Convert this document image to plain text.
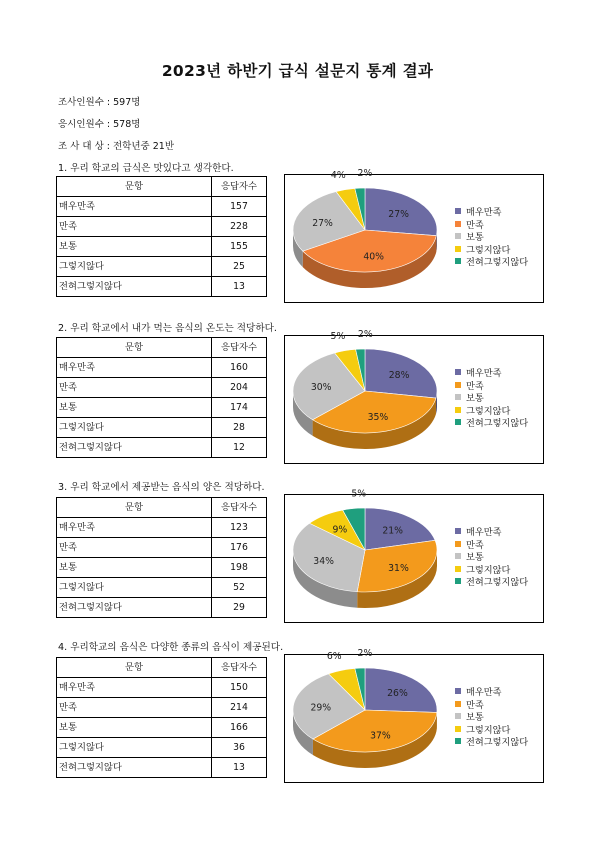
2023년 하반기 급식 설문지 통계 결과
조사인원수 : 597명
응시인원수 : 578명
조 사 대 상 : 전학년중 21반
1. 우리 학교의 급식은 맛있다고 생각한다.
문항	응답자수
매우만족	157
만족	228
보통	155
그렇지않다	25
전혀그렇지않다	13
27%
40%
27%
4% 2%
매우만족
만족
보통
그렇지않다
전혀그렇지않다
2. 우리 학교에서 내가 먹는 음식의 온도는 적당하다.
문항	응답자수
매우만족	160
만족	204
보통	174
그렇지않다	28
전혀그렇지않다	12
28%
35%
30%
5% 2%
매우만족
만족
보통
그렇지않다
전혀그렇지않다
3. 우리 학교에서 제공받는 음식의 양은 적당하다.
문항	응답자수
매우만족	123
만족	176
보통	198
그렇지않다	52
전혀그렇지않다	29
21%
31%
34%
9%
5%
매우만족
만족
보통
그렇지않다
전혀그렇지않다
4. 우리학교의 음식은 다양한 종류의 음식이 제공된다.
문항	응답자수
매우만족	150
만족	214
보통	166
그렇지않다	36
전혀그렇지않다	13
26%
37%
29%
6% 2%
매우만족
만족
보통
그렇지않다
전혀그렇지않다
